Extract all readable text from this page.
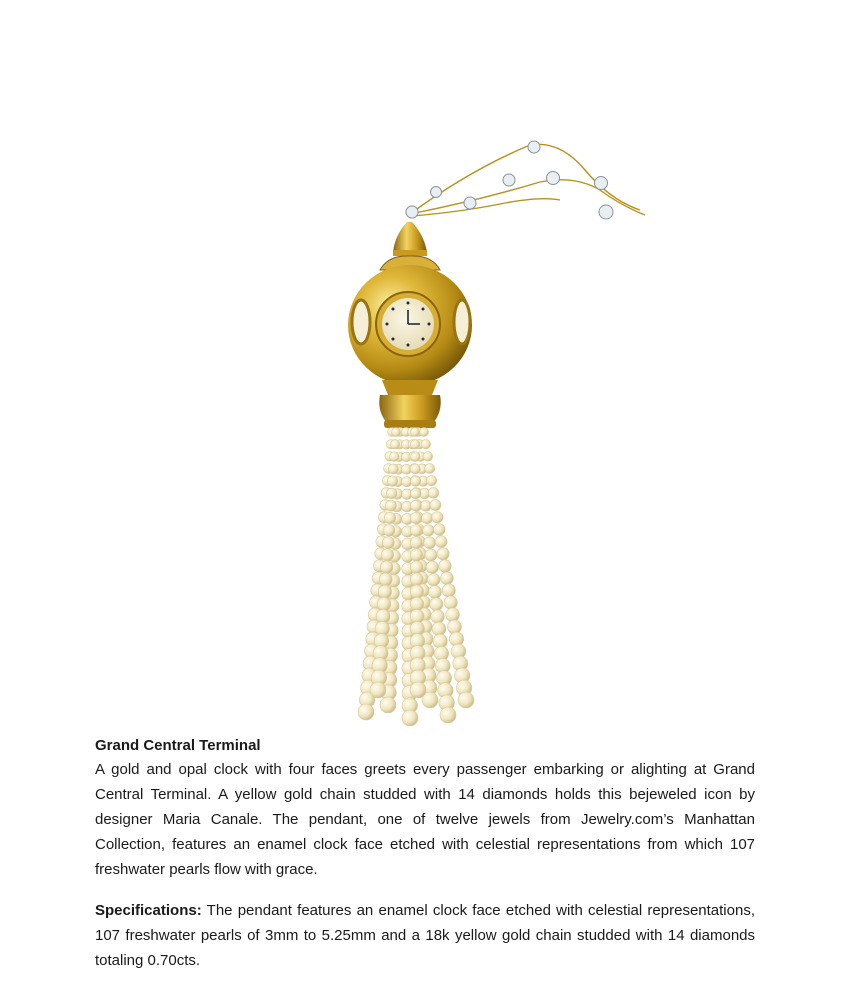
Grand Central Terminal

A gold and opal clock with four faces greets every passenger embarking or alighting at Grand Central Terminal. A yellow gold chain studded with 14 diamonds holds this bejeweled icon by designer Maria Canale. The pendant, one of twelve jewels from Jewelry.com’s Manhattan Collection, features an enamel clock face etched with celestial representations from which 107 freshwater pearls flow with grace.

Specifications: The pendant features an enamel clock face etched with celestial representations, 107 freshwater pearls of 3mm to 5.25mm and a 18k yellow gold chain studded with 14 diamonds totaling 0.70cts.
